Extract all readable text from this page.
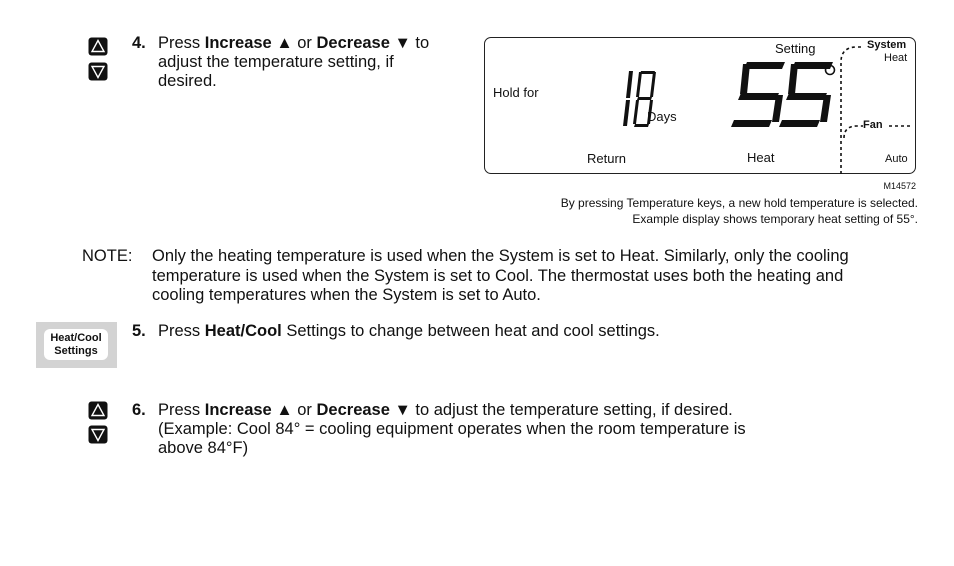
4. Press Increase ▲ or Decrease ▼ to
adjust the temperature setting, if
desired.
Hold for
Days
Setting	System
Heat
Fan
Auto
Return	Heat
M14572
By pressing Temperature keys, a new hold temperature is selected.
Example display shows temporary heat setting of 55°.
NOTE: Only the heating temperature is used when the System is set to Heat. Similarly, only the cooling
temperature is used when the System is set to Cool. The thermostat uses both the heating and
cooling temperatures when the System is set to Auto.
Heat/Cool
Settings
5. Press Heat/Cool Settings to change between heat and cool settings.
6. Press Increase ▲ or Decrease ▼ to adjust the temperature setting, if desired.
(Example: Cool 84° = cooling equipment operates when the room temperature is
above 84°F)
